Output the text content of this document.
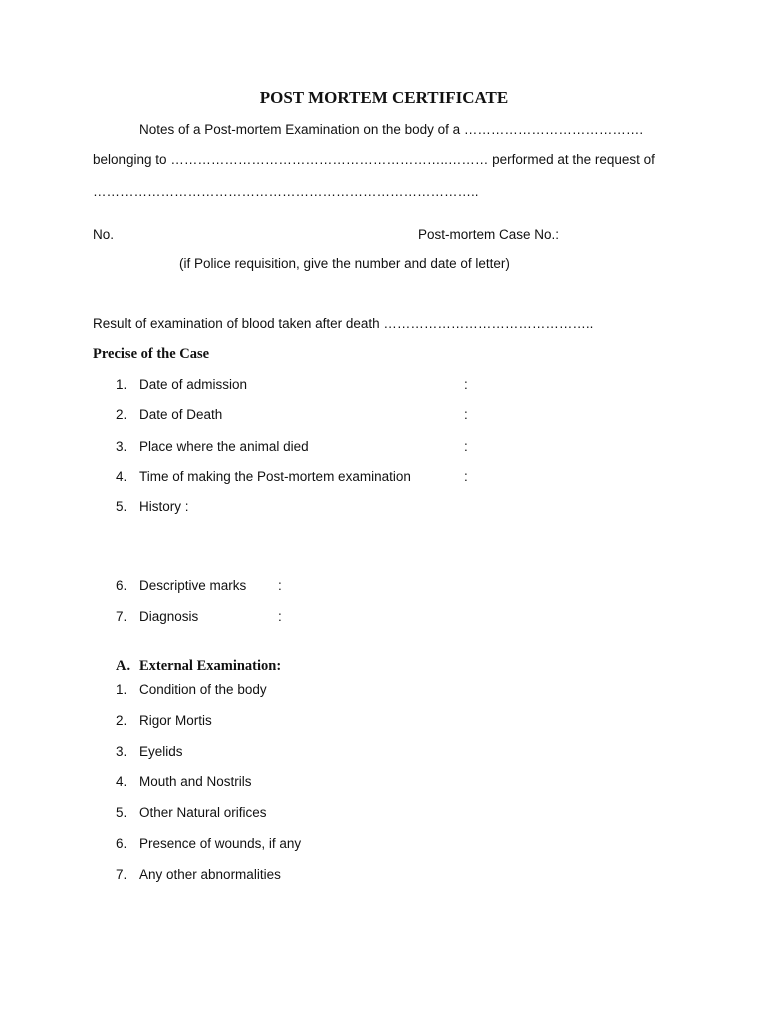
POST MORTEM CERTIFICATE
Notes of a Post-mortem Examination on the body of a ………………………………….
belonging to ……………………………………………………..……… performed at the request of
…………………………………………………………………………..
No.	Post-mortem Case No.:
(if Police requisition, give the number and date of letter)
Result of examination of blood taken after death ………………………………………..
Precise of the Case
1. Date of admission	:
2. Date of Death	:
3. Place where the animal died	:
4. Time of making the Post-mortem examination	:
5. History :
6. Descriptive marks :
7. Diagnosis	:
A. External Examination:
1. Condition of the body
2. Rigor Mortis
3. Eyelids
4. Mouth and Nostrils
5. Other Natural orifices
6. Presence of wounds, if any
7. Any other abnormalities
